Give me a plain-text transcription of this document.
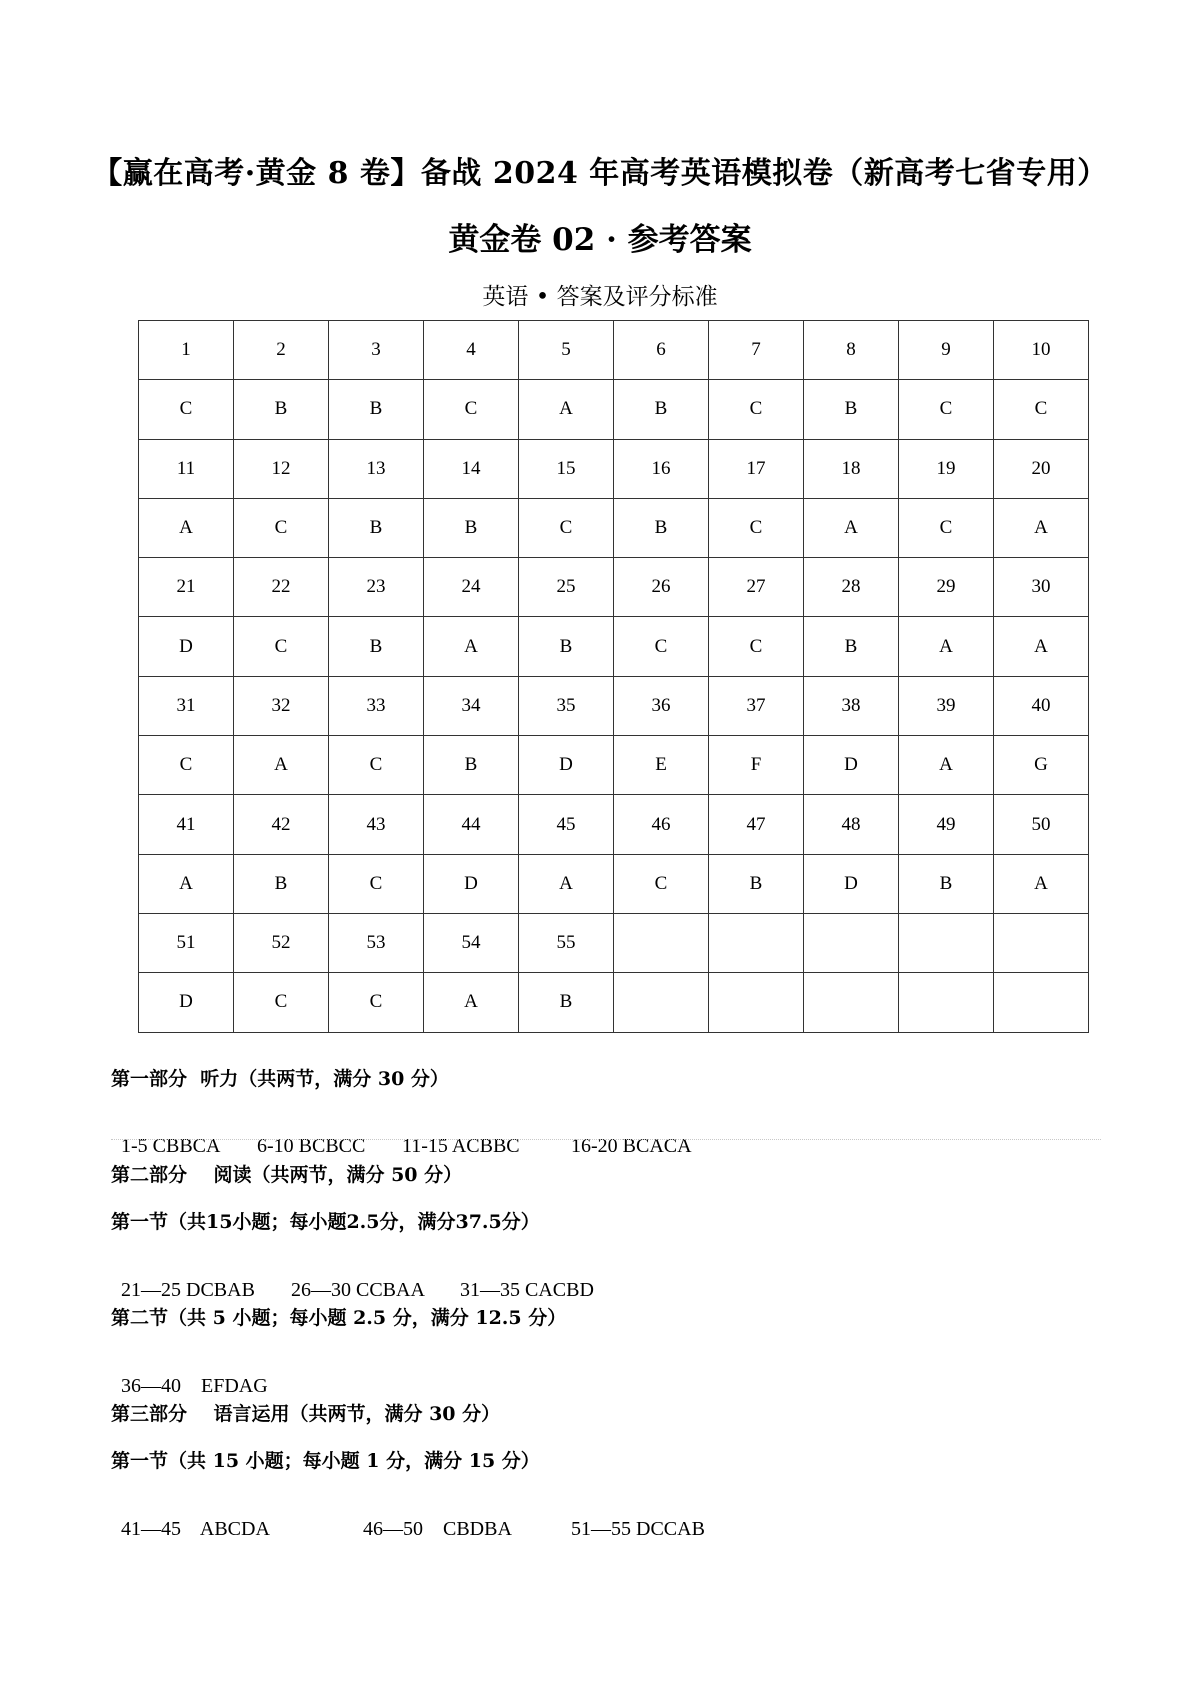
【赢在高考·黄金 8 卷】备战 2024 年高考英语模拟卷（新高考七省专用）
黄金卷 02 · 参考答案
英语 • 答案及评分标准
1	2	3	4	5	6	7	8	9	10
C	B	B	C	A	B	C	B	C	C
11	12	13	14	15	16	17	18	19	20
A	C	B	B	C	B	C	A	C	A
21	22	23	24	25	26	27	28	29	30
D	C	B	A	B	C	C	B	A	A
31	32	33	34	35	36	37	38	39	40
C	A	C	B	D	E	F	D	A	G
41	42	43	44	45	46	47	48	49	50
A	B	C	D	A	C	B	D	B	A
51	52	53	54	55					
D	C	C	A	B					
第一部分  听力（共两节，满分 30 分）

1-5 CBBCA 6-10 BCBCC 11-15 ACBBC	16-20 BCACA

第二部分    阅读（共两节，满分 50 分）
第一节（共15小题；每小题2.5分，满分37.5分）

21—25 DCBAB 26—30 CCBAA 31—35 CACBD

第二节（共 5 小题；每小题 2.5 分，满分 12.5 分）

36—40    EFDAG

第三部分    语言运用（共两节，满分 30 分）
第一节（共 15 小题；每小题 1 分，满分 15 分）

41—45    ABCDA	46—50    CBDBA	51—55 DCCAB
